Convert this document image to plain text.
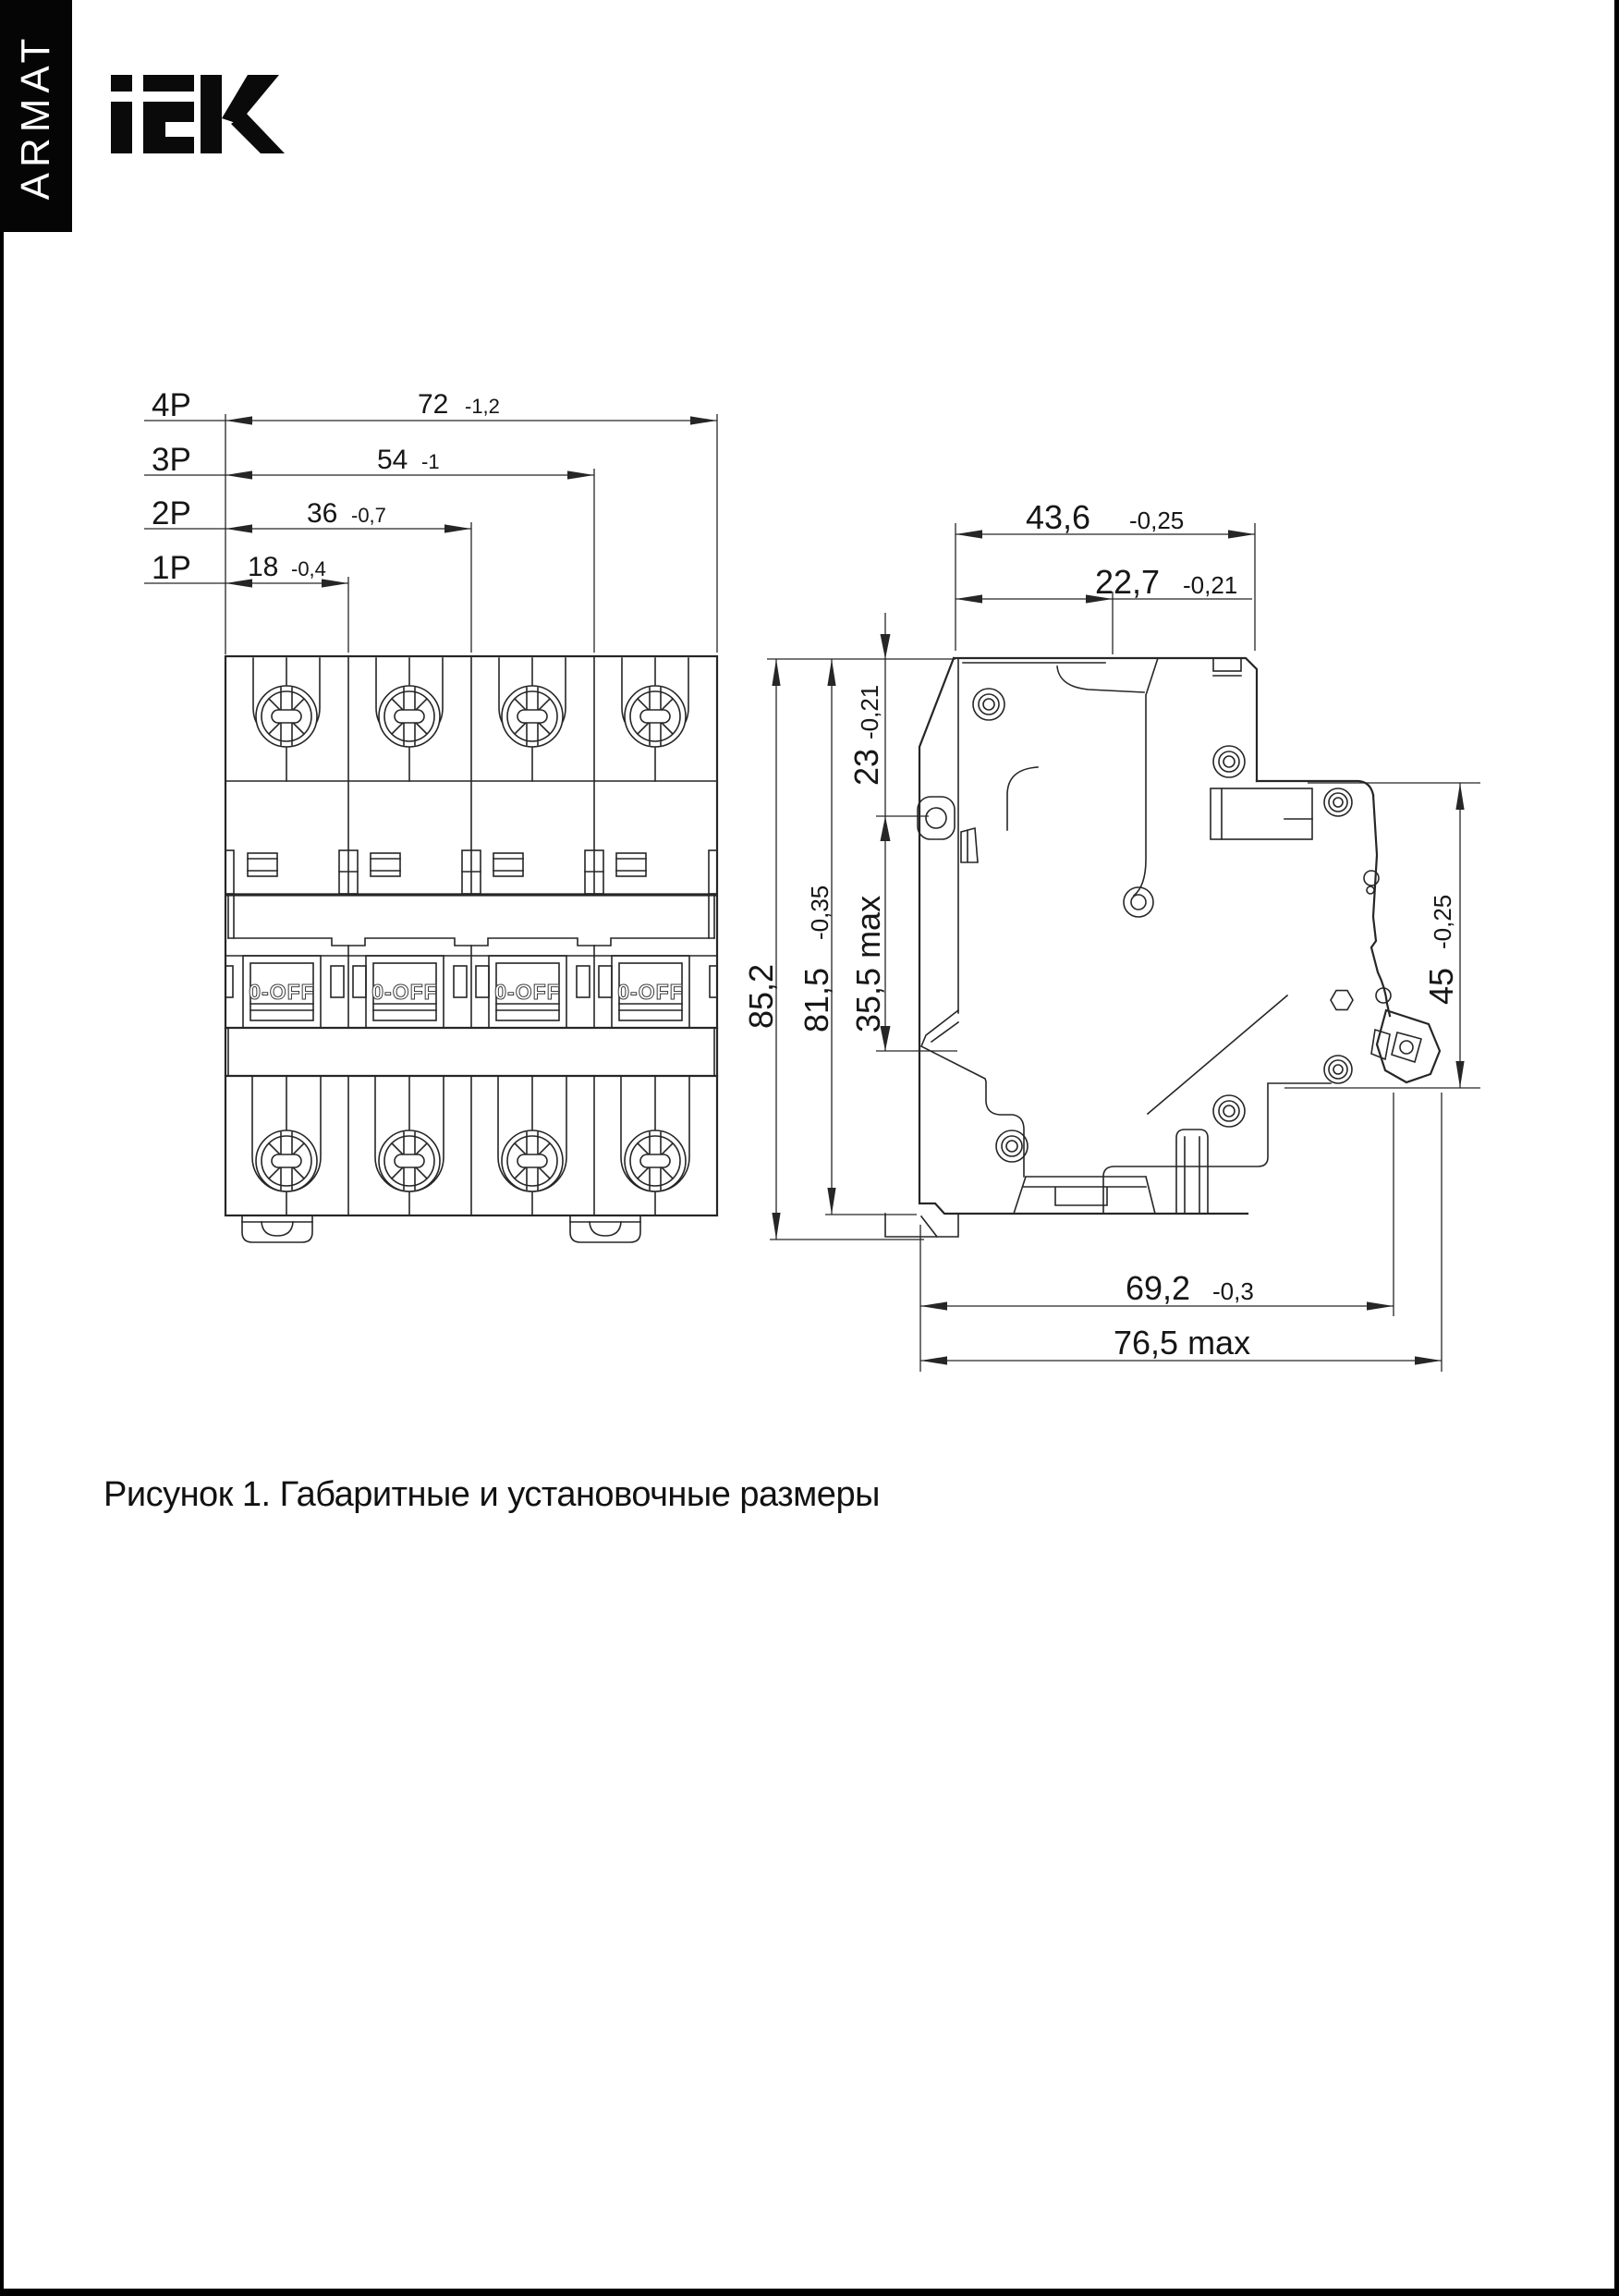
ARMAT
0-OFF	0-OFF	0-OFF	0-OFF
4P
3P
2P
1P
72 -1,2
54 -1
36 -0,7
18 -0,4
43,6 -0,25
22,7 -0,21
23
-0,21
85,2 81,5
-0,35 35,5 max	45
-0,25
69,2 -0,3
76,5 max
Рисунок 1. Габаритные и установочные размеры
